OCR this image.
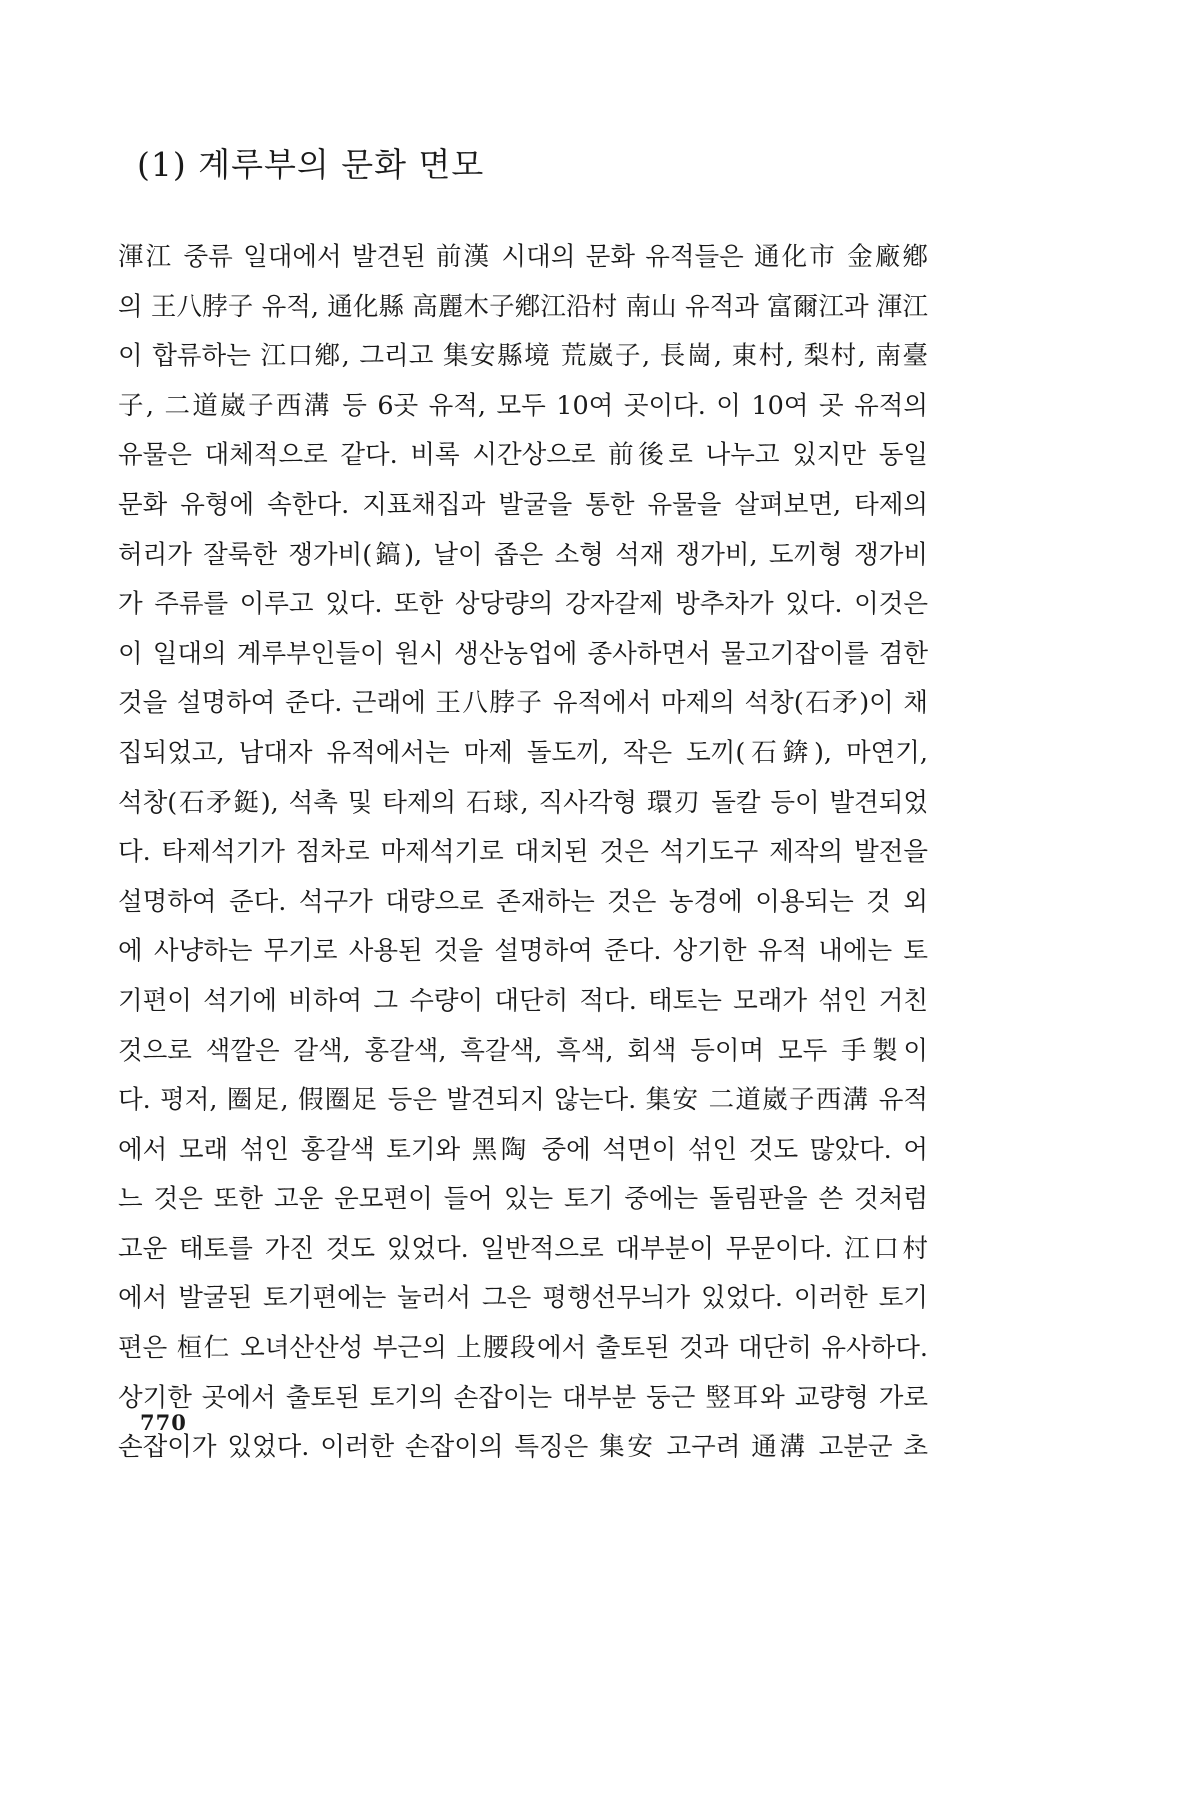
(1) 계루부의 문화 면모
渾江 중류 일대에서 발견된 前漢 시대의 문화 유적들은 通化市 金廠鄕
의 王八脖子 유적, 通化縣 高麗木子鄕江沿村 南山 유적과 富爾江과 渾江
이 합류하는 江口鄕, 그리고 集安縣境 荒崴子, 長崗, 東村, 梨村, 南臺
子, 二道崴子西溝 등 6곳 유적, 모두 10여 곳이다. 이 10여 곳 유적의
유물은 대체적으로 같다. 비록 시간상으로 前後로 나누고 있지만 동일
문화 유형에 속한다. 지표채집과 발굴을 통한 유물을 살펴보면, 타제의
허리가 잘룩한 쟁가비(鎬), 날이 좁은 소형 석재 쟁가비, 도끼형 쟁가비
가 주류를 이루고 있다. 또한 상당량의 강자갈제 방추차가 있다. 이것은
이 일대의 계루부인들이 원시 생산농업에 종사하면서 물고기잡이를 겸한
것을 설명하여 준다. 근래에 王八脖子 유적에서 마제의 석창(石矛)이 채
집되었고, 남대자 유적에서는 마제 돌도끼, 작은 도끼(石錛), 마연기,
석창(石矛鋌), 석촉 및 타제의 石球, 직사각형 環刃 돌칼 등이 발견되었
다. 타제석기가 점차로 마제석기로 대치된 것은 석기도구 제작의 발전을
설명하여 준다. 석구가 대량으로 존재하는 것은 농경에 이용되는 것 외
에 사냥하는 무기로 사용된 것을 설명하여 준다. 상기한 유적 내에는 토
기편이 석기에 비하여 그 수량이 대단히 적다. 태토는 모래가 섞인 거친
것으로 색깔은 갈색, 홍갈색, 흑갈색, 흑색, 회색 등이며 모두 手製이
다. 평저, 圈足, 假圈足 등은 발견되지 않는다. 集安 二道崴子西溝 유적
에서 모래 섞인 홍갈색 토기와 黑陶 중에 석면이 섞인 것도 많았다. 어
느 것은 또한 고운 운모편이 들어 있는 토기 중에는 돌림판을 쓴 것처럼
고운 태토를 가진 것도 있었다. 일반적으로 대부분이 무문이다. 江口村
에서 발굴된 토기편에는 눌러서 그은 평행선무늬가 있었다. 이러한 토기
편은 桓仁 오녀산산성 부근의 上腰段에서 출토된 것과 대단히 유사하다.
상기한 곳에서 출토된 토기의 손잡이는 대부분 둥근 竪耳와 교량형 가로
손잡이가 있었다. 이러한 손잡이의 특징은 集安 고구려 通溝 고분군 초
770
